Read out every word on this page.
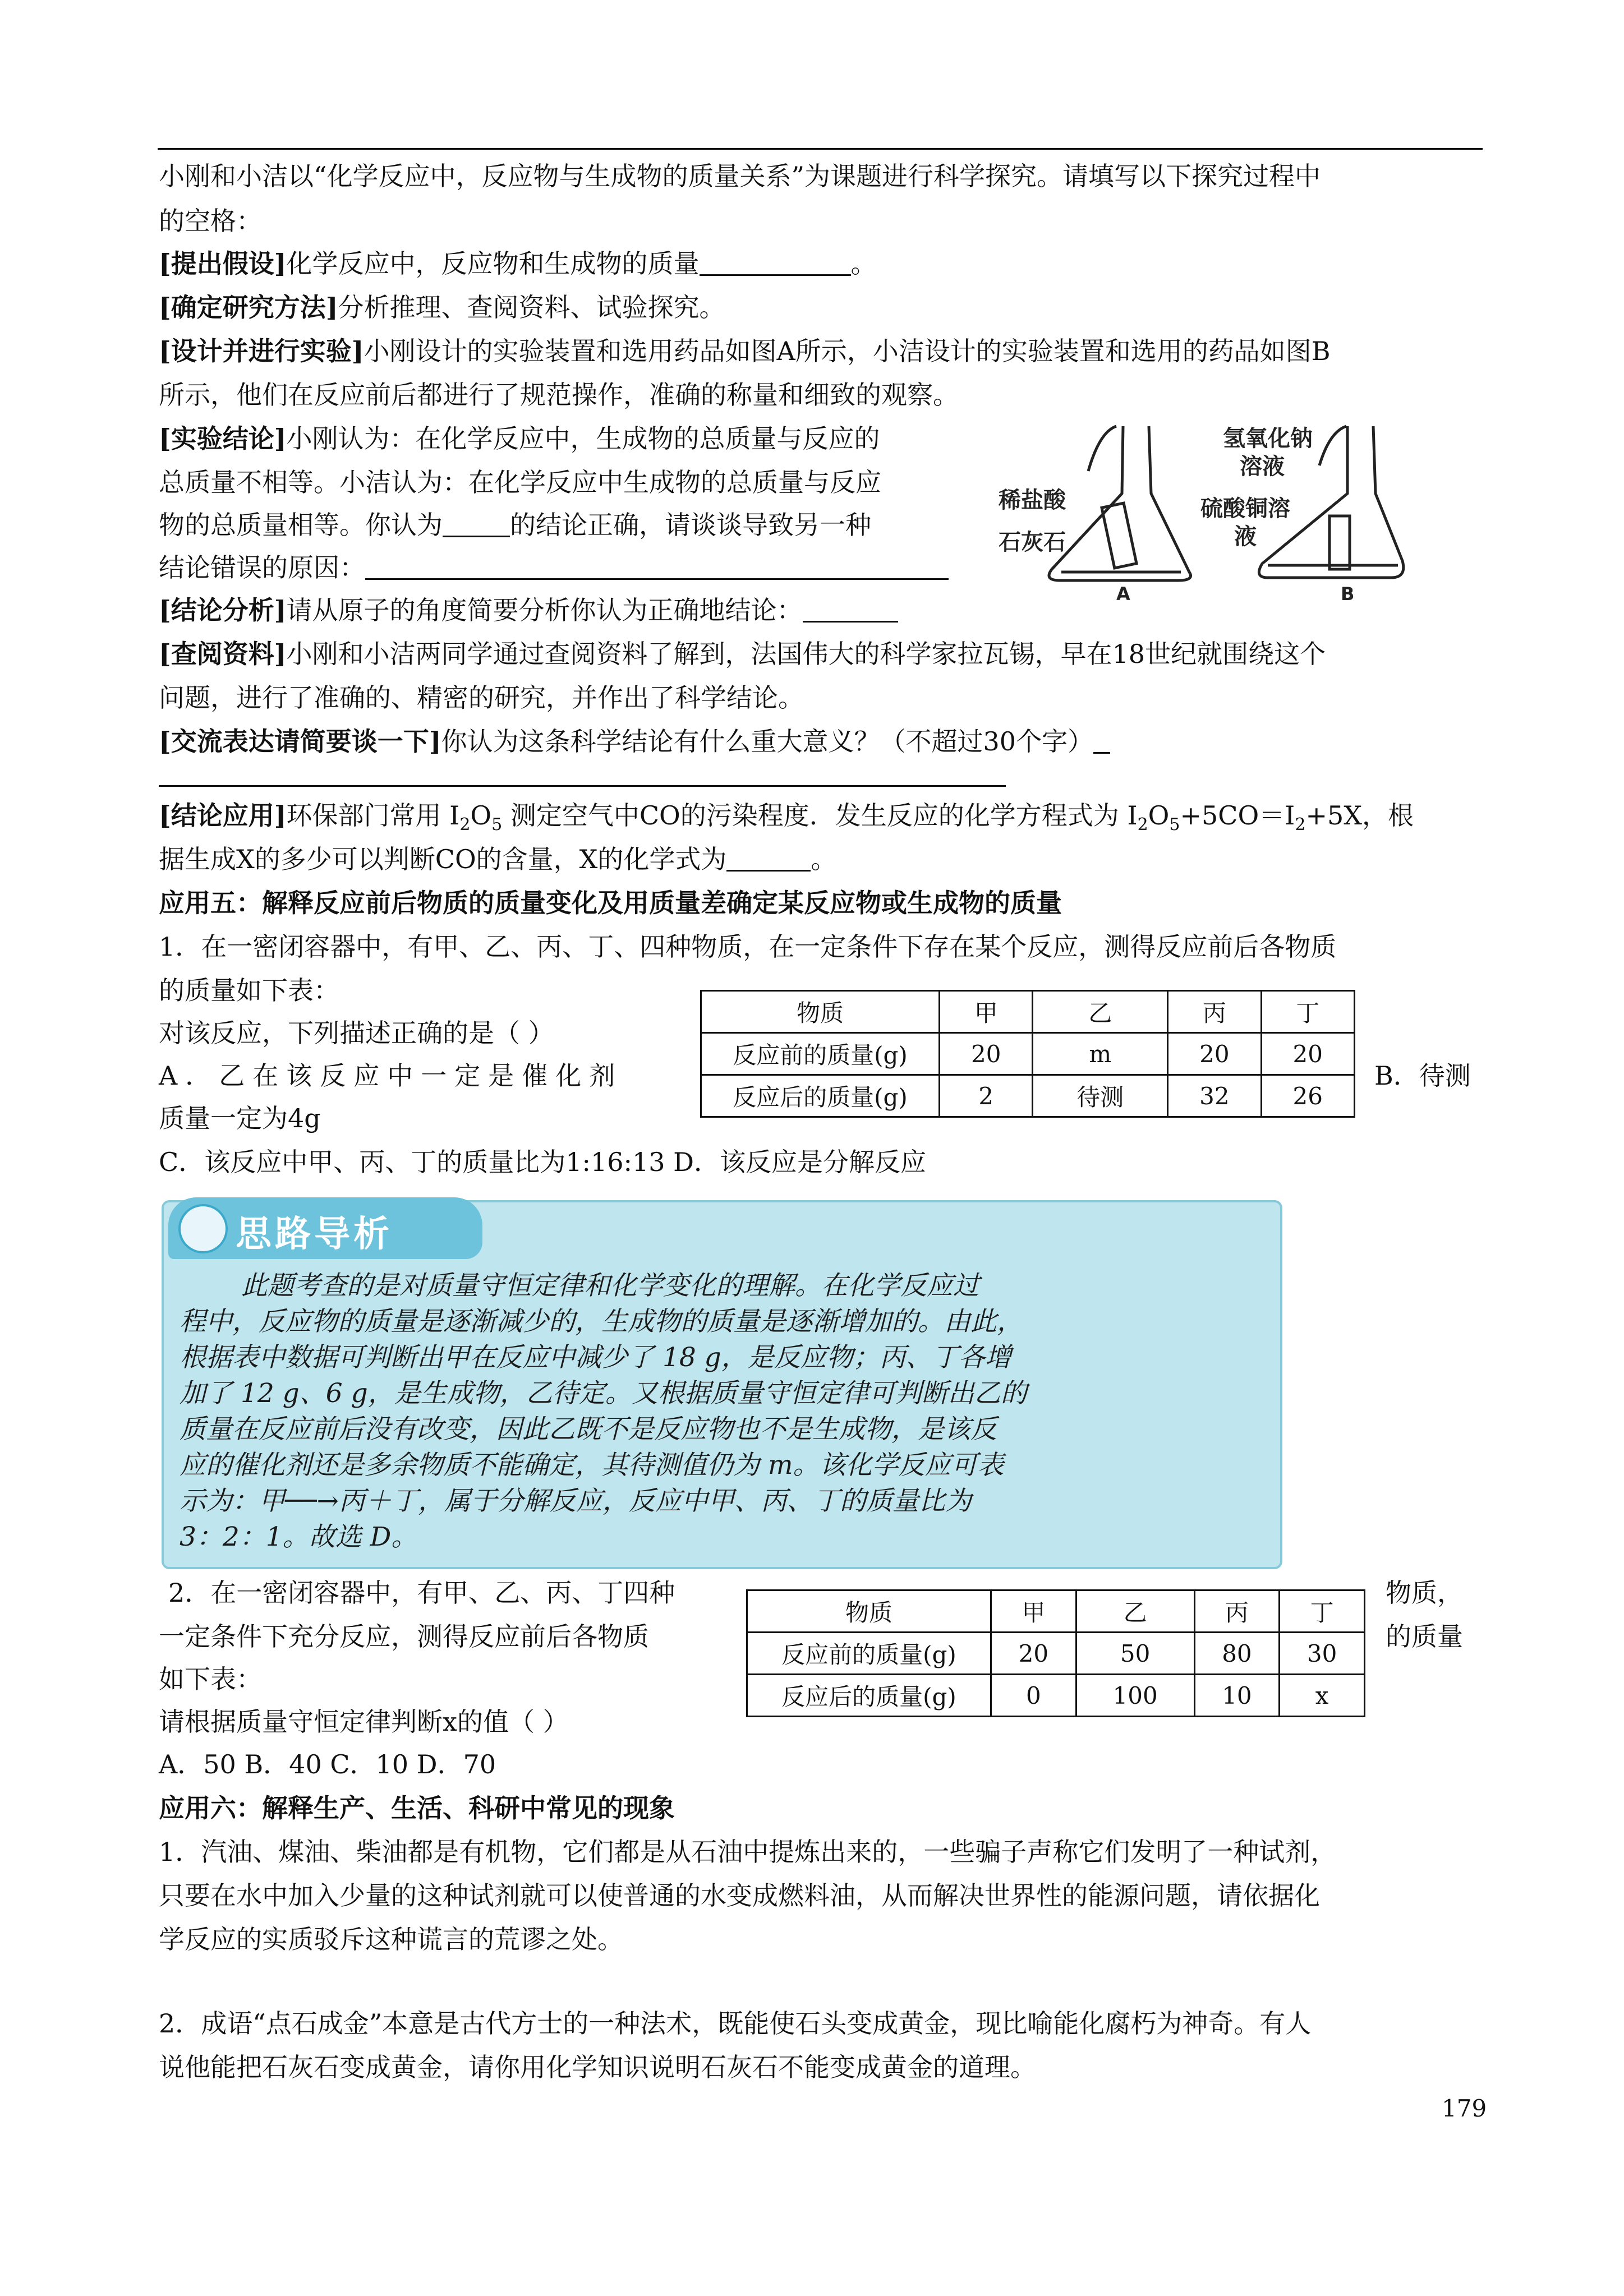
小刚和小洁以“化学反应中，反应物与生成物的质量关系”为课题进行科学探究。请填写以下探究过程中
的空格：
[提出假设]化学反应中，反应物和生成物的质量	。
[确定研究方法]分析推理、查阅资料、试验探究。
[设计并进行实验]小刚设计的实验装置和选用药品如图A所示，小洁设计的实验装置和选用的药品如图B
所示，他们在反应前后都进行了规范操作，准确的称量和细致的观察。
[实验结论]小刚认为：在化学反应中，生成物的总质量与反应的
总质量不相等。小洁认为：在化学反应中生成物的总质量与反应
物的总质量相等。你认为	的结论正确，请谈谈导致另一种
结论错误的原因：
[结论分析]请从原子的角度简要分析你认为正确地结论：
稀盐酸
石灰石
氢氧化钠
溶液
硫酸铜溶
液
A	B
[查阅资料]小刚和小洁两同学通过查阅资料了解到，法国伟大的科学家拉瓦锡，早在18世纪就围绕这个
问题，进行了准确的、精密的研究，并作出了科学结论。
[交流表达请简要谈一下]你认为这条科学结论有什么重大意义？（不超过30个字）
[结论应用]环保部门常用 $I_2O_5$ 测定空气中CO的污染程度．发生反应的化学方程式为 $I_2O_5+5CO=I_2+5X$，根
据生成X的多少可以判断CO的含量，X的化学式为	。
应用五：解释反应前后物质的质量变化及用质量差确定某反应物或生成物的质量
1．在一密闭容器中，有甲、乙、丙、丁、四种物质，在一定条件下存在某个反应，测得反应前后各物质
的质量如下表：
对该反应，下列描述正确的是（ ）
A．乙在该反应中一定是催化剂	B．待测
质量一定为4g
C．该反应中甲、丙、丁的质量比为1:16:13 D．该反应是分解反应
物质	甲	乙	丙	丁
反应前的质量(g)	20	m	20	20
反应后的质量(g)	2	待测	32	26
思路导析
此题考查的是对质量守恒定律和化学变化的理解。在化学反应过
程中，反应物的质量是逐渐减少的，生成物的质量是逐渐增加的。由此，
根据表中数据可判断出甲在反应中减少了 18 g，是反应物；丙、丁各增
加了 12 g、6 g，是生成物，乙待定。又根据质量守恒定律可判断出乙的
质量在反应前后没有改变，因此乙既不是反应物也不是生成物，是该反
应的催化剂还是多余物质不能确定，其待测值仍为 m。该化学反应可表
示为：甲──→丙＋丁，属于分解反应，反应中甲、丙、丁的质量比为
3：2：1。故选 D。
2．在一密闭容器中，有甲、乙、丙、丁四种	物质，
一定条件下充分反应，测得反应前后各物质	的质量
如下表：
请根据质量守恒定律判断x的值（ ）
A．50 B．40 C．10 D．70
物质	甲	乙	丙	丁
反应前的质量(g)	20	50	80	30
反应后的质量(g)	0	100	10	x
应用六：解释生产、生活、科研中常见的现象
1．汽油、煤油、柴油都是有机物，它们都是从石油中提炼出来的，一些骗子声称它们发明了一种试剂，
只要在水中加入少量的这种试剂就可以使普通的水变成燃料油，从而解决世界性的能源问题，请依据化
学反应的实质驳斥这种谎言的荒谬之处。
2．成语“点石成金”本意是古代方士的一种法术，既能使石头变成黄金，现比喻能化腐朽为神奇。有人
说他能把石灰石变成黄金，请你用化学知识说明石灰石不能变成黄金的道理。
179
